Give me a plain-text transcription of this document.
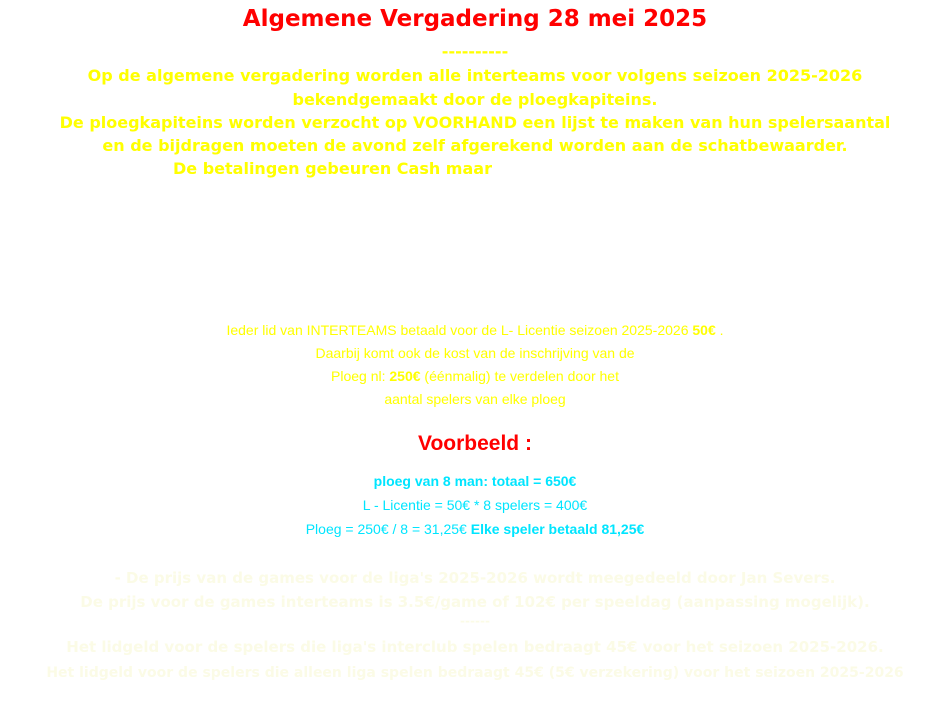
Algemene Vergadering 28 mei 2025
----------
Op de algemene vergadering worden alle interteams voor volgens seizoen 2025-2026
bekendgemaakt door de ploegkapiteins.
De ploegkapiteins worden verzocht op VOORHAND een lijst te maken van hun spelersaantal
en de bijdragen moeten de avond zelf afgerekend worden aan de schatbewaarder.
De betalingen gebeuren Cash maar
Ieder lid van INTERTEAMS betaald voor de L- Licentie seizoen 2025-2026 50€ .
Daarbij komt ook de kost van de inschrijving van de
Ploeg nl: 250€ (éénmalig) te verdelen door het
aantal spelers van elke ploeg
Voorbeeld :
ploeg van 8 man: totaal = 650€
L - Licentie = 50€ * 8 spelers = 400€
Ploeg = 250€ / 8 = 31,25€ Elke speler betaald 81,25€
- De prijs van de games voor de liga's 2025-2026 wordt meegedeeld door Jan Severs.
De prijs voor de games interteams is 3.5€/game of 102€ per speeldag (aanpassing mogelijk).
------
Het lidgeld voor de spelers die liga's interclub spelen bedraagt 45€ voor het seizoen 2025-2026.
Het lidgeld voor de spelers die alleen liga spelen bedraagt 45€ (5€ verzekering) voor het seizoen 2025-2026
